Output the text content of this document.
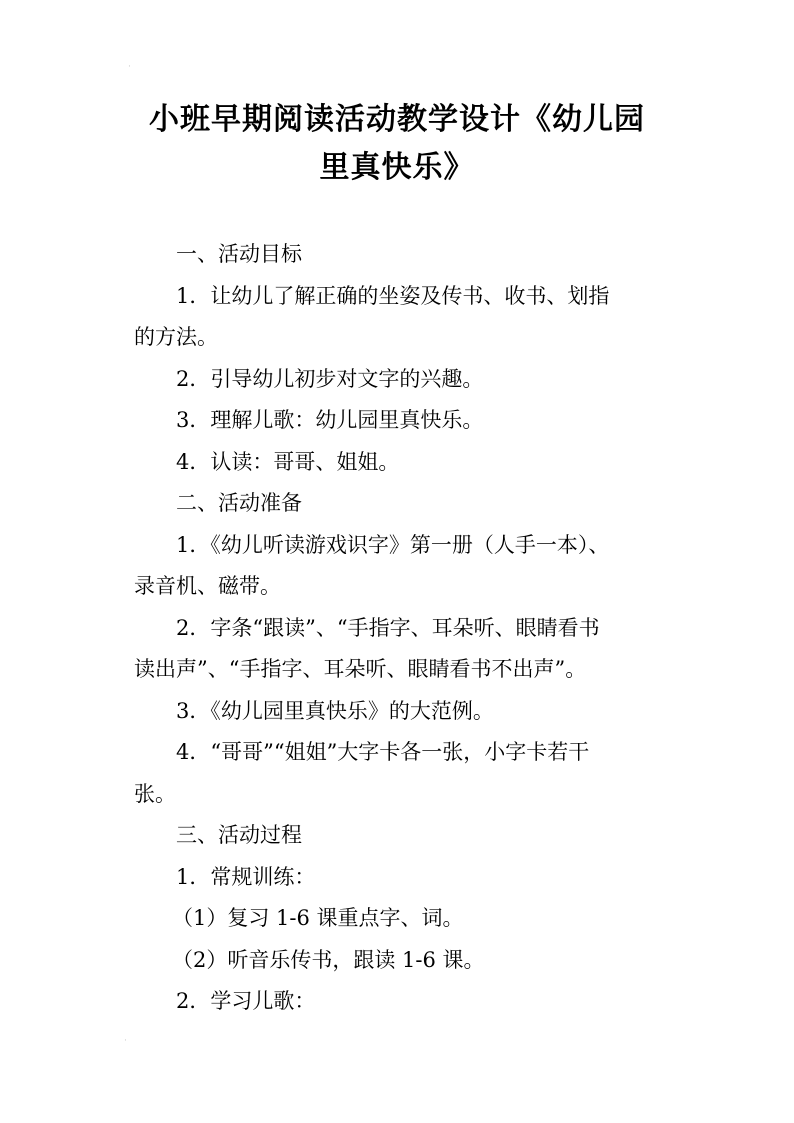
·
·
小班早期阅读活动教学设计《幼儿园
里真快乐》

一、活动目标

1．让幼儿了解正确的坐姿及传书、收书、划指
的方法。

2．引导幼儿初步对文字的兴趣。

3．理解儿歌：幼儿园里真快乐。

4．认读：哥哥、姐姐。

二、活动准备

1．《幼儿听读游戏识字》第一册（人手一本）、
录音机、磁带。

2．字条“跟读”、“手指字、耳朵听、眼睛看书
读出声”、“手指字、耳朵听、眼睛看书不出声”。

3．《幼儿园里真快乐》的大范例。

4．“哥哥”“姐姐”大字卡各一张，小字卡若干
张。

三、活动过程

1．常规训练：

（1）复习 1-6 课重点字、词。

（2）听音乐传书，跟读 1-6 课。

2．学习儿歌：
